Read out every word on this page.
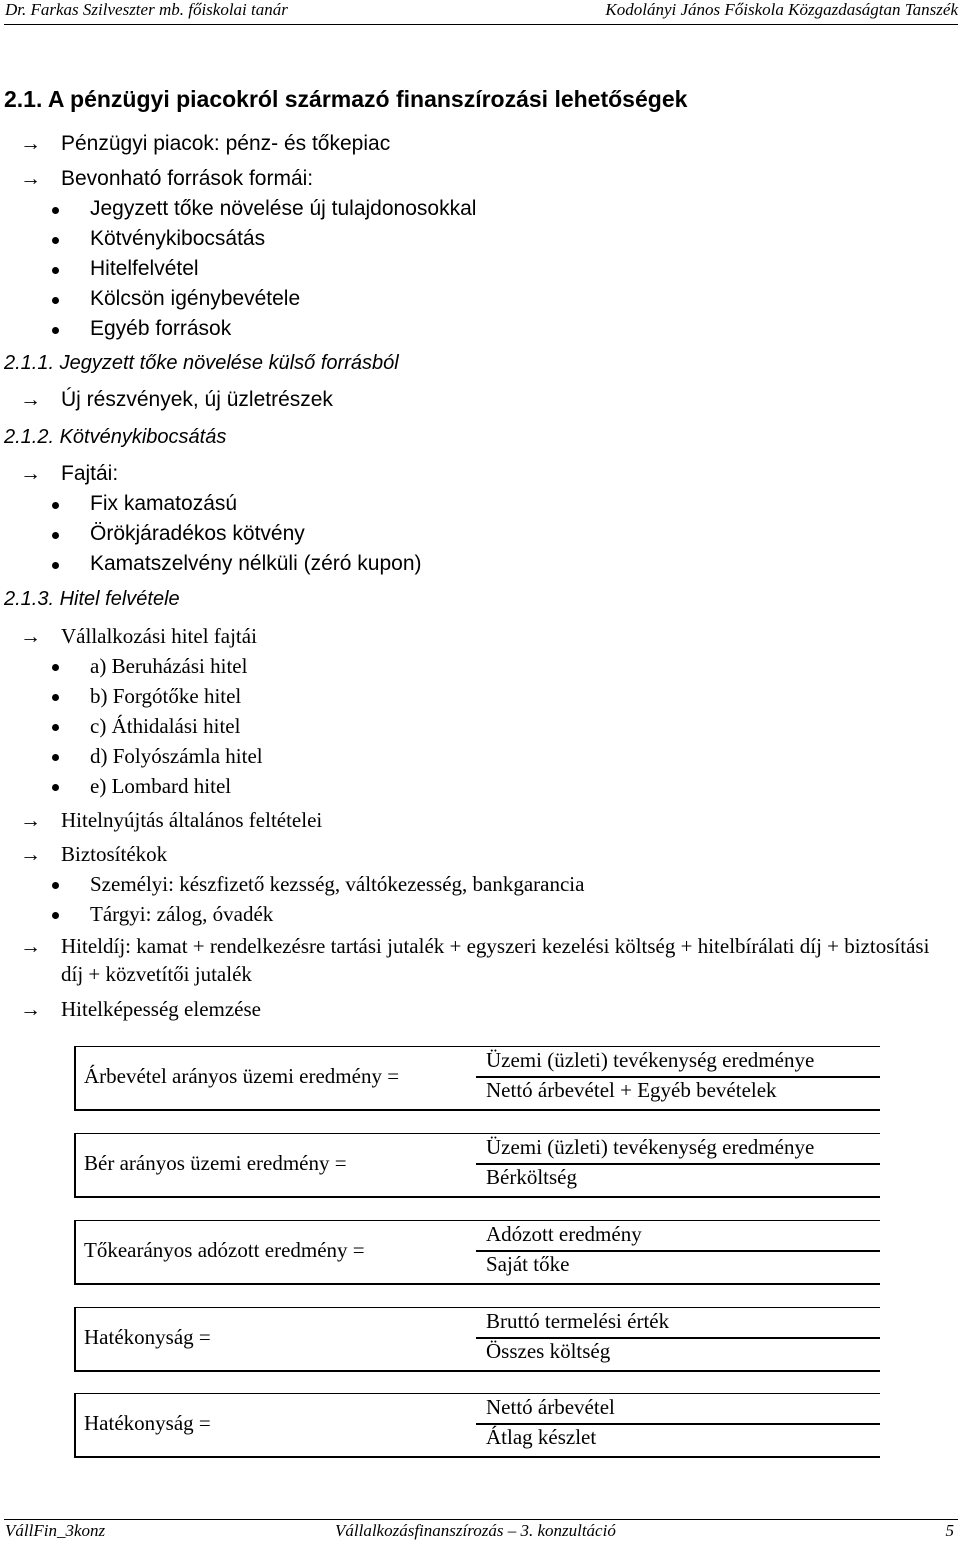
Dr. Farkas Szilveszter mb. főiskolai tanár	Kodolányi János Főiskola Közgazdaságtan Tanszék
2.1. A pénzügyi piacokról származó finanszírozási lehetőségek
→ Pénzügyi piacok: pénz- és tőkepiac
→ Bevonható források formái:
Jegyzett tőke növelése új tulajdonosokkal
Kötvénykibocsátás
Hitelfelvétel
Kölcsön igénybevétele
Egyéb források
2.1.1. Jegyzett tőke növelése külső forrásból
→ Új részvények, új üzletrészek
2.1.2. Kötvénykibocsátás
→ Fajtái:
Fix kamatozású
Örökjáradékos kötvény
Kamatszelvény nélküli (zéró kupon)
2.1.3. Hitel felvétele
→ Vállalkozási hitel fajtái
a) Beruházási hitel
b) Forgótőke hitel
c) Áthidalási hitel
d) Folyószámla hitel
e) Lombard hitel
→ Hitelnyújtás általános feltételei
→ Biztosítékok
Személyi: készfizető kezsség, váltókezesség, bankgarancia
Tárgyi: zálog, óvadék
→ Hiteldíj: kamat + rendelkezésre tartási jutalék + egyszeri kezelési költség + hitelbírálati díj + biztosítási díj + közvetítői jutalék
→ Hitelképesség elemzése
Árbevétel arányos üzemi eredmény =
Üzemi (üzleti) tevékenység eredménye
Nettó árbevétel + Egyéb bevételek
Bér arányos üzemi eredmény =
Üzemi (üzleti) tevékenység eredménye
Bérköltség
Tőkearányos adózott eredmény =
Adózott eredmény
Saját tőke
Hatékonyság =
Bruttó termelési érték
Összes költség
Hatékonyság =
Nettó árbevétel
Átlag készlet
VállFin_3konz	Vállalkozásfinanszírozás – 3. konzultáció	5
